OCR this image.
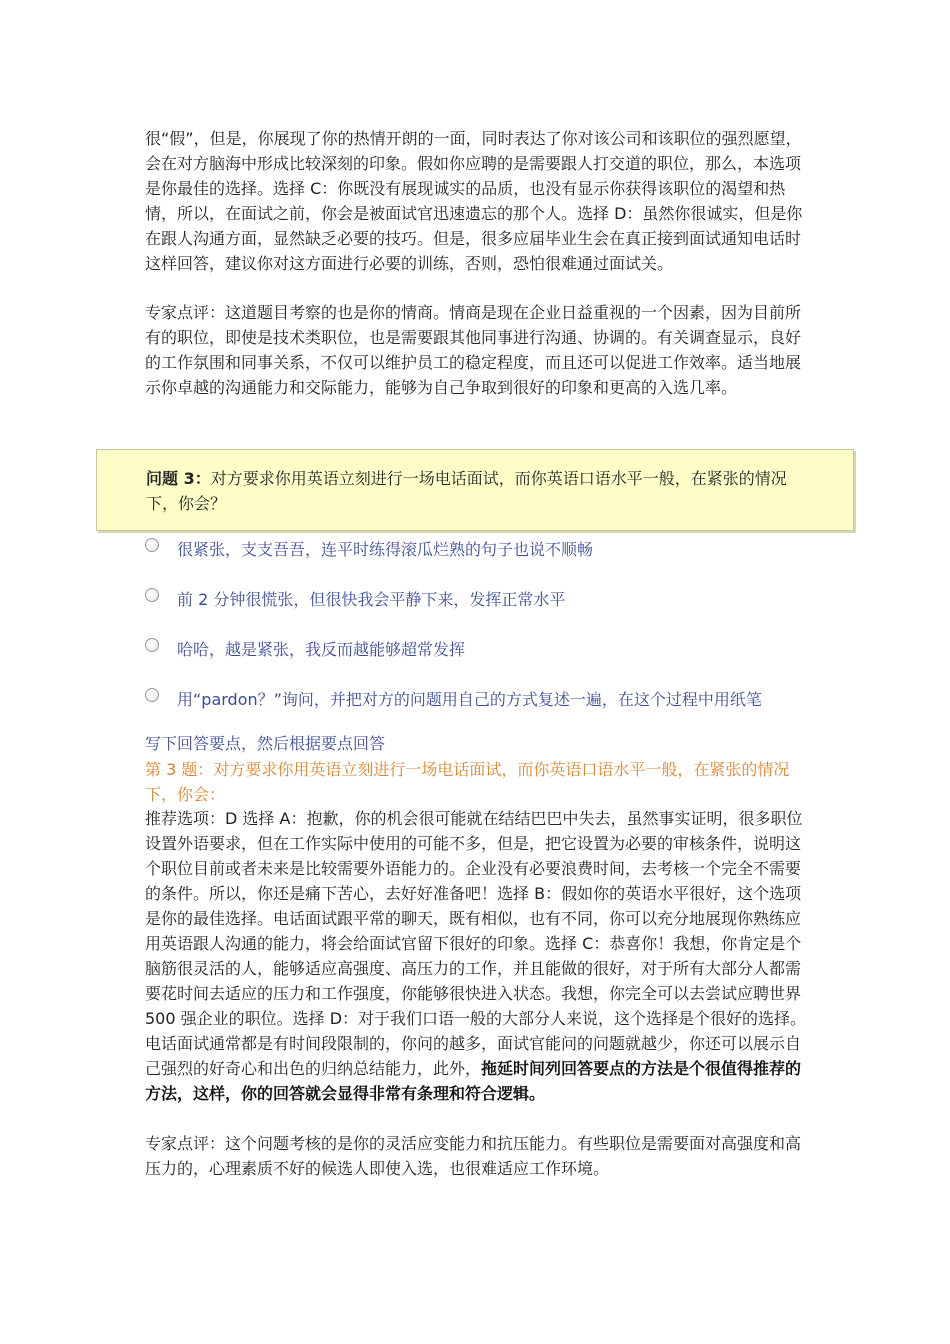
很“假”，但是，你展现了你的热情开朗的一面，同时表达了你对该公司和该职位的强烈愿望，会在对方脑海中形成比较深刻的印象。假如你应聘的是需要跟人打交道的职位，那么，本选项是你最佳的选择。选择 C：你既没有展现诚实的品质，也没有显示你获得该职位的渴望和热情，所以，在面试之前，你会是被面试官迅速遗忘的那个人。选择 D：虽然你很诚实，但是你在跟人沟通方面，显然缺乏必要的技巧。但是，很多应届毕业生会在真正接到面试通知电话时这样回答，建议你对这方面进行必要的训练，否则，恐怕很难通过面试关。

专家点评：这道题目考察的也是你的情商。情商是现在企业日益重视的一个因素，因为目前所有的职位，即使是技术类职位，也是需要跟其他同事进行沟通、协调的。有关调查显示，良好的工作氛围和同事关系，不仅可以维护员工的稳定程度，而且还可以促进工作效率。适当地展示你卓越的沟通能力和交际能力，能够为自己争取到很好的印象和更高的入选几率。

问题 3：对方要求你用英语立刻进行一场电话面试，而你英语口语水平一般，在紧张的情况下，你会？
很紧张，支支吾吾，连平时练得滚瓜烂熟的句子也说不顺畅
前 2 分钟很慌张，但很快我会平静下来，发挥正常水平
哈哈，越是紧张，我反而越能够超常发挥
用“pardon？”询问，并把对方的问题用自己的方式复述一遍，在这个过程中用纸笔
写下回答要点，然后根据要点回答
第 3 题：对方要求你用英语立刻进行一场电话面试，而你英语口语水平一般，在紧张的情况下，你会：

推荐选项：D 选择 A：抱歉，你的机会很可能就在结结巴巴中失去，虽然事实证明，很多职位设置外语要求，但在工作实际中使用的可能不多，但是，把它设置为必要的审核条件，说明这个职位目前或者未来是比较需要外语能力的。企业没有必要浪费时间，去考核一个完全不需要的条件。所以，你还是痛下苦心，去好好准备吧！选择 B：假如你的英语水平很好，这个选项是你的最佳选择。电话面试跟平常的聊天，既有相似，也有不同，你可以充分地展现你熟练应用英语跟人沟通的能力，将会给面试官留下很好的印象。选择 C：恭喜你！我想，你肯定是个脑筋很灵活的人，能够适应高强度、高压力的工作，并且能做的很好，对于所有大部分人都需要花时间去适应的压力和工作强度，你能够很快进入状态。我想，你完全可以去尝试应聘世界 500 强企业的职位。选择 D：对于我们口语一般的大部分人来说，这个选择是个很好的选择。电话面试通常都是有时间段限制的，你问的越多，面试官能问的问题就越少，你还可以展示自己强烈的好奇心和出色的归纳总结能力，此外，拖延时间列回答要点的方法是个很值得推荐的方法，这样，你的回答就会显得非常有条理和符合逻辑。

专家点评：这个问题考核的是你的灵活应变能力和抗压能力。有些职位是需要面对高强度和高压力的，心理素质不好的候选人即使入选，也很难适应工作环境。
